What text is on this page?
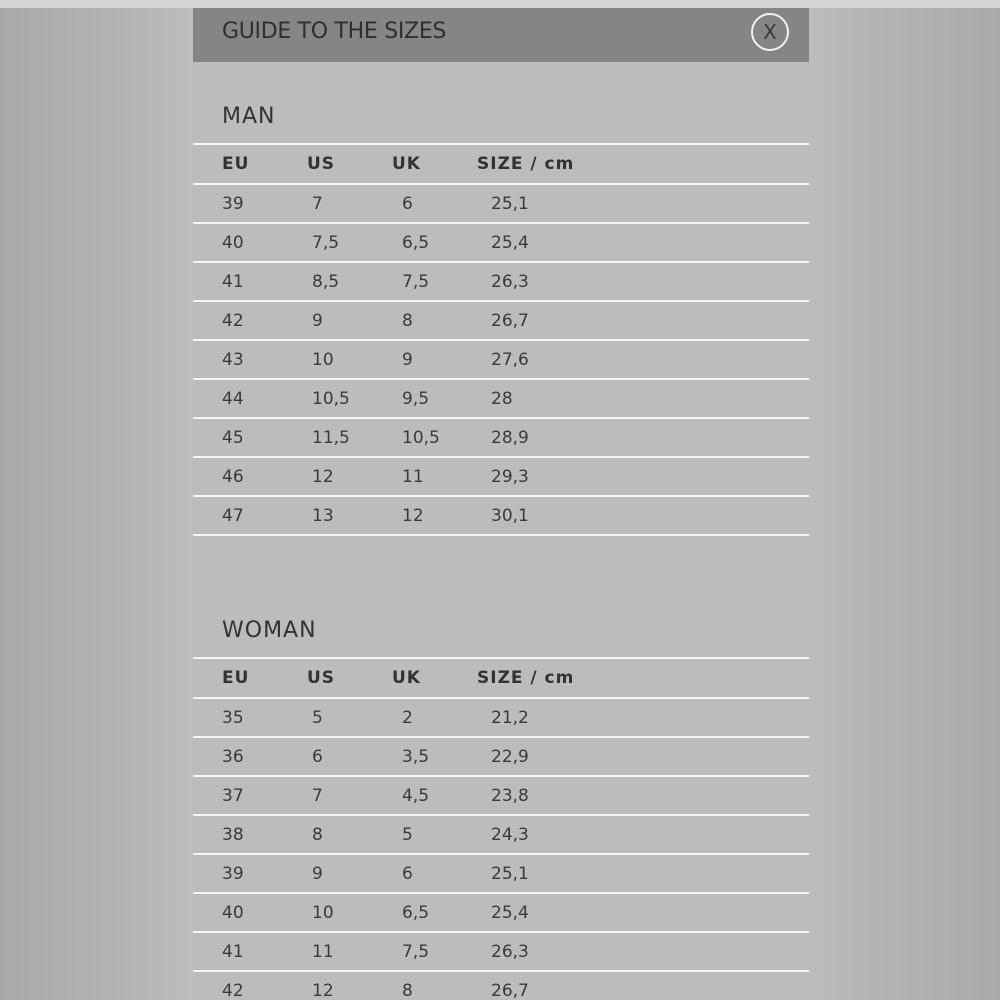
GUIDE TO THE SIZES	X
MAN
EU	US	UK	SIZE / cm
39	7	6	25,1
40	7,5	6,5	25,4
41	8,5	7,5	26,3
42	9	8	26,7
43	10	9	27,6
44	10,5	9,5	28
45	11,5	10,5	28,9
46	12	11	29,3
47	13	12	30,1
WOMAN
EU	US	UK	SIZE / cm
35	5	2	21,2
36	6	3,5	22,9
37	7	4,5	23,8
38	8	5	24,3
39	9	6	25,1
40	10	6,5	25,4
41	11	7,5	26,3
42	12	8	26,7
